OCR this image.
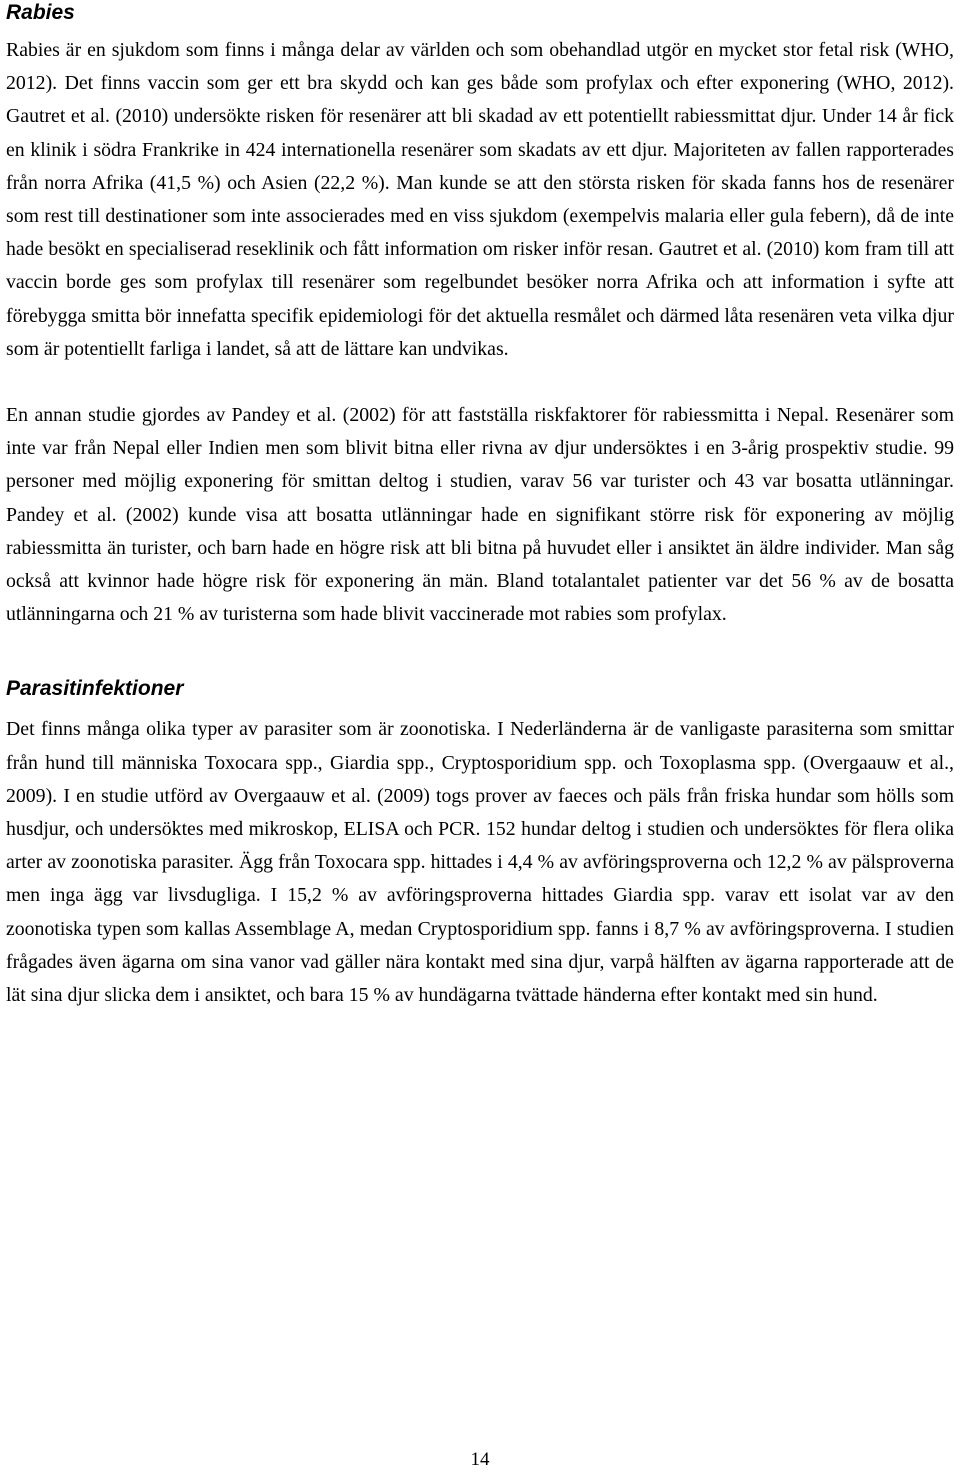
Rabies

Rabies är en sjukdom som finns i många delar av världen och som obehandlad utgör en mycket stor fetal risk (WHO, 2012). Det finns vaccin som ger ett bra skydd och kan ges både som profylax och efter exponering (WHO, 2012). Gautret et al. (2010) undersökte risken för resenärer att bli skadad av ett potentiellt rabiessmittat djur. Under 14 år fick en klinik i södra Frankrike in 424 internationella resenärer som skadats av ett djur. Majoriteten av fallen rapporterades från norra Afrika (41,5 %) och Asien (22,2 %). Man kunde se att den största risken för skada fanns hos de resenärer som rest till destinationer som inte associerades med en viss sjukdom (exempelvis malaria eller gula febern), då de inte hade besökt en specialiserad reseklinik och fått information om risker inför resan. Gautret et al. (2010) kom fram till att vaccin borde ges som profylax till resenärer som regelbundet besöker norra Afrika och att information i syfte att förebygga smitta bör innefatta specifik epidemiologi för det aktuella resmålet och därmed låta resenären veta vilka djur som är potentiellt farliga i landet, så att de lättare kan undvikas.

En annan studie gjordes av Pandey et al. (2002) för att fastställa riskfaktorer för rabiessmitta i Nepal. Resenärer som inte var från Nepal eller Indien men som blivit bitna eller rivna av djur undersöktes i en 3-årig prospektiv studie. 99 personer med möjlig exponering för smittan deltog i studien, varav 56 var turister och 43 var bosatta utlänningar. Pandey et al. (2002) kunde visa att bosatta utlänningar hade en signifikant större risk för exponering av möjlig rabiessmitta än turister, och barn hade en högre risk att bli bitna på huvudet eller i ansiktet än äldre individer. Man såg också att kvinnor hade högre risk för exponering än män. Bland totalantalet patienter var det 56 % av de bosatta utlänningarna och 21 % av turisterna som hade blivit vaccinerade mot rabies som profylax.

Parasitinfektioner

Det finns många olika typer av parasiter som är zoonotiska. I Nederländerna är de vanligaste parasiterna som smittar från hund till människa Toxocara spp., Giardia spp., Cryptosporidium spp. och Toxoplasma spp. (Overgaauw et al., 2009). I en studie utförd av Overgaauw et al. (2009) togs prover av faeces och päls från friska hundar som hölls som husdjur, och undersöktes med mikroskop, ELISA och PCR. 152 hundar deltog i studien och undersöktes för flera olika arter av zoonotiska parasiter. Ägg från Toxocara spp. hittades i 4,4 % av avföringsproverna och 12,2 % av pälsproverna men inga ägg var livsdugliga. I 15,2 % av avföringsproverna hittades Giardia spp. varav ett isolat var av den zoonotiska typen som kallas Assemblage A, medan Cryptosporidium spp. fanns i 8,7 % av avföringsproverna. I studien frågades även ägarna om sina vanor vad gäller nära kontakt med sina djur, varpå hälften av ägarna rapporterade att de lät sina djur slicka dem i ansiktet, och bara 15 % av hundägarna tvättade händerna efter kontakt med sin hund.

14
